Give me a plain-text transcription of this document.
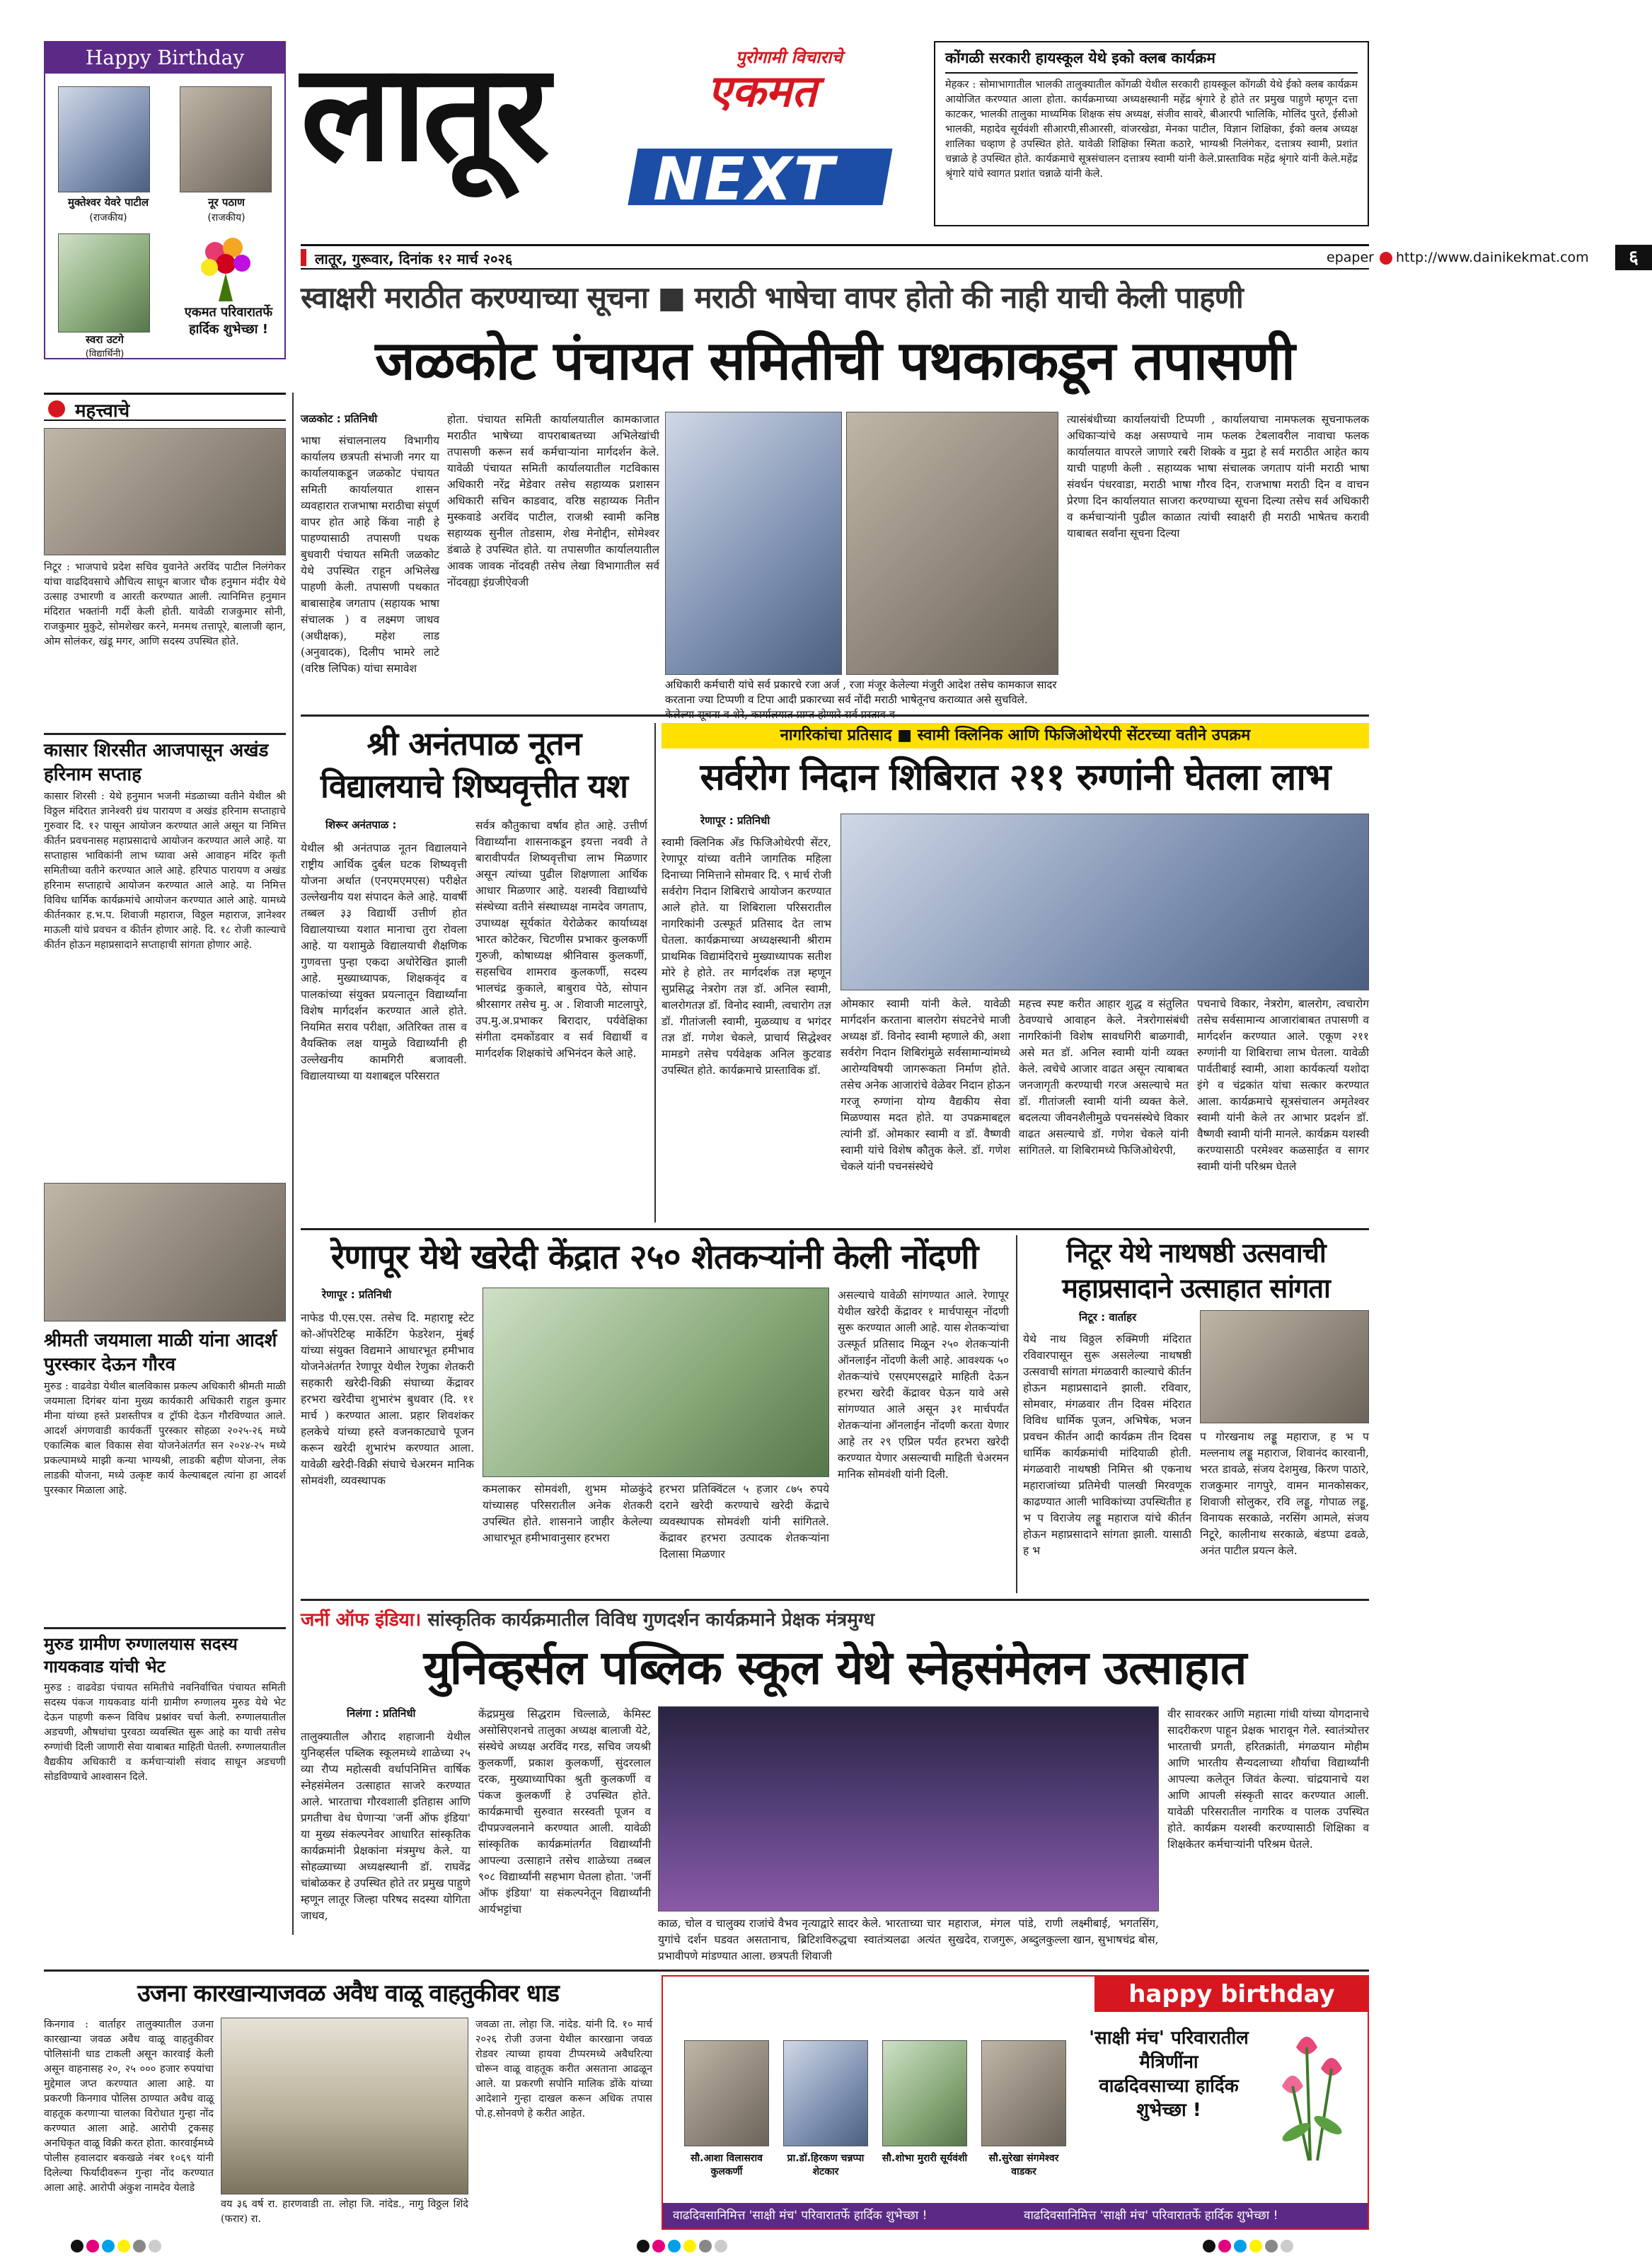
Happy Birthday
मुक्तेश्वर येवरे पाटील
(राजकीय)
नूर पठाण
(राजकीय)
स्वरा उटगे
(विद्यार्थिनी)
एकमत परिवारातर्फे हार्दिक शुभेच्छा !
लातूर	पुरोगामी विचाराचे
एकमत
NEXT
लातूर, गुरूवार, दिनांक १२ मार्च २०२६	epaper http://www.dainikekmat.com	६
कोंगळी सरकारी हायस्कूल येथे इको क्लब कार्यक्रम
मेहकर : सोमाभागातील भालकी तालुक्यातील कोंगळी येथील सरकारी हायस्कूल कोंगळी येथे ईको क्लब कार्यक्रम आयोजित करण्यात आला होता. कार्यक्रमाच्या अध्यक्षस्थानी महेंद्र श्रृंगारे हे होते तर प्रमुख पाहुणे म्हणून दत्ता काटकर, भालकी तालुका माध्यमिक शिक्षक संघ अध्यक्ष, संजीव सावरे, बीआरपी भालिकि, मोलिंद पुरते, ईसीओ भालकी, महादेव सूर्यवंशी सीआरपी,सीआरसी, वांजरखेडा, मेनका पाटील, विज्ञान शिक्षिका, ईको क्लब अध्यक्ष शालिका चव्हाण हे उपस्थित होते. यावेळी शिक्षिका स्मिता कठारे, भाग्यश्री निलंगेकर, दत्तात्रय स्वामी, प्रशांत चन्नाळे हे उपस्थित होते. कार्यक्रमाचे सूत्रसंचालन दत्तात्रय स्वामी यांनी केले.प्रास्ताविक महेंद्र श्रृंगारे यांनी केले.महेंद्र श्रृंगारे यांचे स्वागत प्रशांत चन्नाळे यांनी केले.
स्वाक्षरी मराठीत करण्याच्या सूचना ■ मराठी भाषेचा वापर होतो की नाही याची केली पाहणी
जळकोट पंचायत समितीची पथकाकडून तपासणी
महत्त्वाचे
निटूर : भाजपाचे प्रदेश सचिव युवानेते अरविंद पाटील निलंगेकर यांचा वाढदिवसाचे औचित्य साधून बाजार चौक हनुमान मंदीर येथे उत्साह उभारणी व आरती करण्यात आली. त्यानिमित्त हनुमान मंदिरात भक्तांनी गर्दी केली होती. यावेळी राजकुमार सोनी, राजकुमार मुकुटे, सोमशेखर करने, मनमथ तत्तापूरे, बालाजी व्हान, ओम सोलंकर, खंडू मगर, आणि सदस्य उपस्थित होते.
कासार शिरसीत आजपासून अखंड हरिनाम सप्ताह
कासार शिरसी : येथे हनुमान भजनी मंडळाच्या वतीने येथील श्री विठ्ठल मंदिरात ज्ञानेश्वरी ग्रंथ पारायण व अखंड हरिनाम सप्ताहाचे गुरुवार दि. १२ पासून आयोजन करण्यात आले असून या निमित्त कीर्तन प्रवचनासह महाप्रसादाचे आयोजन करण्यात आले आहे. या सप्ताहास भाविकांनी लाभ घ्यावा असे आवाहन मंदिर कृती समितीच्या वतीने करण्यात आले आहे. हरिपाठ पारायण व अखंड हरिनाम सप्ताहाचे आयोजन करण्यात आले आहे. या निमित्त विविध धार्मिक कार्यक्रमांचे आयोजन करण्यात आले आहे. यामध्ये कीर्तनकार ह.भ.प. शिवाजी महाराज, विठ्ठल महाराज, ज्ञानेश्वर माऊली यांचे प्रवचन व कीर्तन होणार आहे. दि. १८ रोजी काल्याचे कीर्तन होऊन महाप्रसादाने सप्ताहाची सांगता होणार आहे.
श्रीमती जयमाला माळी यांना आदर्श पुरस्कार देऊन गौरव
मुरुड : वाढवेडा येथील बालविकास प्रकल्प अधिकारी श्रीमती माळी जयमाला दिगंबर यांना मुख्य कार्यकारी अधिकारी राहुल कुमार मीना यांच्या हस्ते प्रशस्तीपत्र व ट्रॉफी देऊन गौरविण्यात आले. आदर्श अंगणवाडी कार्यकर्ती पुरस्कार सोहळा २०२५-२६ मध्ये एकात्मिक बाल विकास सेवा योजनेअंतर्गत सन २०२४-२५ मध्ये प्रकल्पामध्ये माझी कन्या भाग्यश्री, लाडकी बहीण योजना, लेक लाडकी योजना, मध्ये उत्कृष्ट कार्य केल्याबद्दल त्यांना हा आदर्श पुरस्कार मिळाला आहे.
मुरुड ग्रामीण रुग्णालयास सदस्य गायकवाड यांची भेट
मुरुड : वाढवेडा पंचायत समितीचे नवनिर्वाचित पंचायत समिती सदस्य पंकज गायकवाड यांनी ग्रामीण रुग्णालय मुरुड येथे भेट देऊन पाहणी करून विविध प्रश्नांवर चर्चा केली. रुग्णालयातील अडचणी, औषधांचा पुरवठा व्यवस्थित सुरू आहे का याची तसेच रुग्णांची दिली जाणारी सेवा याबाबत माहिती घेतली. रुग्णालयातील वैद्यकीय अधिकारी व कर्मचाऱ्यांशी संवाद साधून अडचणी सोडविण्याचे आश्वासन दिले.
जळकोट : प्रतिनिधी
भाषा संचालनालय विभागीय कार्यालय छत्रपती संभाजी नगर या कार्यालयाकडून जळकोट पंचायत समिती कार्यालयात शासन व्यवहारात राजभाषा मराठीचा संपूर्ण वापर होत आहे किंवा नाही हे पाहण्यासाठी तपासणी पथक बुधवारी पंचायत समिती जळकोट येथे उपस्थित राहून अभिलेख पाहणी केली. तपासणी पथकात बाबासाहेब जगताप (सहायक भाषा संचालक ) व लक्ष्मण जाधव (अधीक्षक), महेश लाड (अनुवादक), दिलीप भामरे लाटे (वरिष्ठ लिपिक) यांचा समावेश
होता. पंचायत समिती कार्यालयातील कामकाजात मराठीत भाषेच्या वापराबाबतच्या अभिलेखांची तपासणी करून सर्व कर्मचाऱ्यांना मार्गदर्शन केले. यावेळी पंचायत समिती कार्यालयातील गटविकास अधिकारी नरेंद्र मेडेवार तसेच सहाय्यक प्रशासन अधिकारी सचिन काडवाद, वरिष्ठ सहाय्यक नितीन मुस्कवाडे अरविंद पाटील, राजश्री स्वामी कनिष्ठ सहाय्यक सुनील तोडसाम, शेख मेनोद्दीन, सोमेश्वर डंबाळे हे उपस्थित होते. या तपासणीत कार्यालयातील आवक जावक नोंदवही तसेच लेखा विभागातील सर्व नोंदवह्या इंग्रजीऐवजी
अधिकारी कर्मचारी यांचे सर्व प्रकारचे रजा अर्ज , रजा मंजूर केलेल्या मंजुरी आदेश तसेच कामकाज सादर करताना ज्या टिप्पणी व टिपा आदी प्रकारच्या सर्व नोंदी मराठी भाषेतूनच कराव्यात असे सुचविले.
त्यासंबंधीच्या कार्यालयांची टिप्पणी , कार्यालयाचा नामफलक सूचनाफलक अधिकाऱ्यांचे कक्ष असण्याचे नाम फलक टेबलावरील नावाचा फलक कार्यालयात वापरले जाणारे रबरी शिक्के व मुद्रा हे सर्व मराठीत आहेत काय याची पाहणी केली . सहाय्यक भाषा संचालक जगताप यांनी मराठी भाषा संवर्धन पंधरवाडा, मराठी भाषा गौरव दिन, राजभाषा मराठी दिन व वाचन प्रेरणा दिन कार्यालयात साजरा करण्याच्या सूचना दिल्या तसेच सर्व अधिकारी व कर्मचाऱ्यांनी पुढील काळात त्यांची स्वाक्षरी ही मराठी भाषेतच करावी याबाबत सर्वांना सूचना दिल्या
श्री अनंतपाळ नूतन
विद्यालयाचे शिष्यवृत्तीत यश
शिरूर अनंतपाळ :
येथील श्री अनंतपाळ नूतन विद्यालयाने राष्ट्रीय आर्थिक दुर्बल घटक शिष्यवृत्ती योजना अर्थात (एनएमएमएस) परीक्षेत उल्लेखनीय यश संपादन केले आहे. यावर्षी तब्बल ३३ विद्यार्थी उत्तीर्ण होत विद्यालयाच्या यशात मानाचा तुरा रोवला आहे. या यशामुळे विद्यालयाची शैक्षणिक गुणवत्ता पुन्हा एकदा अधोरेखित झाली आहे. मुख्याध्यापक, शिक्षकवृंद व पालकांच्या संयुक्त प्रयत्नातून विद्यार्थ्यांना विशेष मार्गदर्शन करण्यात आले होते. नियमित सराव परीक्षा, अतिरिक्त तास व वैयक्तिक लक्ष यामुळे विद्यार्थ्यांनी ही उल्लेखनीय कामगिरी बजावली. विद्यालयाच्या या यशाबद्दल परिसरात
सर्वत्र कौतुकाचा वर्षाव होत आहे. उत्तीर्ण विद्यार्थ्यांना शासनाकडून इयत्ता नववी ते बारावीपर्यंत शिष्यवृत्तीचा लाभ मिळणार असून त्यांच्या पुढील शिक्षणाला आर्थिक आधार मिळणार आहे. यशस्वी विद्यार्थ्यांचे संस्थेच्या वतीने संस्थाध्यक्ष नामदेव जगताप, उपाध्यक्ष सूर्यकांत येरोळेकर कार्याध्यक्ष भारत कोटेकर, चिटणीस प्रभाकर कुलकर्णी गुरुजी, कोषाध्यक्ष श्रीनिवास कुलकर्णी, सहसचिव शामराव कुलकर्णी, सदस्य भालचंद्र कुकाले, बाबुराव पेठे, सोपान श्रीरसागर तसेच मु. अ . शिवाजी माटलापुरे, उप.मु.अ.प्रभाकर बिरादार, पर्यवेक्षिका संगीता दमकोंडवार व सर्व विद्यार्थी व मार्गदर्शक शिक्षकांचे अभिनंदन केले आहे.
नागरिकांचा प्रतिसाद ■ स्वामी क्लिनिक आणि फिजिओथेरपी सेंटरच्या वतीने उपक्रम
सर्वरोग निदान शिबिरात २११ रुग्णांनी घेतला लाभ
रेणापूर : प्रतिनिधी
स्वामी क्लिनिक अँड फिजिओथेरपी सेंटर, रेणापूर यांच्या वतीने जागतिक महिला दिनाच्या निमित्ताने सोमवार दि. ९ मार्च रोजी सर्वरोग निदान शिबिराचे आयोजन करण्यात आले होते. या शिबिराला परिसरातील नागरिकांनी उत्स्फूर्त प्रतिसाद देत लाभ घेतला. कार्यक्रमाच्या अध्यक्षस्थानी श्रीराम प्राथमिक विद्यामंदिराचे मुख्याध्यापक सतीश मोरे हे होते. तर मार्गदर्शक तज्ञ म्हणून सुप्रसिद्ध नेत्ररोग तज्ञ डॉ. अनिल स्वामी, बालरोगतज्ञ डॉ. विनोद स्वामी, त्वचारोग तज्ञ डॉ. गीतांजली स्वामी, मुळव्याध व भगंदर तज्ञ डॉ. गणेश चेकले, प्राचार्य सिद्धेश्वर मामडगे तसेच पर्यवेक्षक अनिल कुटवाड उपस्थित होते. कार्यक्रमाचे प्रास्ताविक डॉ.
ओमकार स्वामी यांनी केले. यावेळी मार्गदर्शन करताना बालरोग संघटनेचे माजी अध्यक्ष डॉ. विनोद स्वामी म्हणाले की, अशा सर्वरोग निदान शिबिरांमुळे सर्वसामान्यांमध्ये आरोग्यविषयी जागरूकता निर्माण होते. तसेच अनेक आजारांचे वेळेवर निदान होऊन गरजू रुग्णांना योग्य वैद्यकीय सेवा मिळण्यास मदत होते. या उपक्रमाबद्दल त्यांनी डॉ. ओमकार स्वामी व डॉ. वैष्णवी स्वामी यांचे विशेष कौतुक केले. डॉ. गणेश चेकले यांनी पचनसंस्थेचे
महत्त्व स्पष्ट करीत आहार शुद्ध व संतुलित ठेवण्याचे आवाहन केले. नेत्ररोगासंबंधी नागरिकांनी विशेष सावधगिरी बाळगावी, असे मत डॉ. अनिल स्वामी यांनी व्यक्त केले. त्वचेचे आजार वाढत असून त्याबाबत जनजागृती करण्याची गरज असल्याचे मत डॉ. गीतांजली स्वामी यांनी व्यक्त केले. बदलत्या जीवनशैलीमुळे पचनसंस्थेचे विकार वाढत असल्याचे डॉ. गणेश चेकले यांनी सांगितले. या शिबिरामध्ये फिजिओथेरपी,
पचनाचे विकार, नेत्ररोग, बालरोग, त्वचारोग तसेच सर्वसामान्य आजारांबाबत तपासणी व मार्गदर्शन करण्यात आले. एकूण २११ रुग्णांनी या शिबिराचा लाभ घेतला. यावेळी पार्वतीबाई स्वामी, आशा कार्यकर्त्या यशोदा इंगे व चंद्रकांत यांचा सत्कार करण्यात आला. कार्यक्रमाचे सूत्रसंचालन अमृतेश्वर स्वामी यांनी केले तर आभार प्रदर्शन डॉ. वैष्णवी स्वामी यांनी मानले. कार्यक्रम यशस्वी करण्यासाठी परमेश्वर कळसाईत व सागर स्वामी यांनी परिश्रम घेतले
रेणापूर येथे खरेदी केंद्रात २५० शेतकऱ्यांनी केली नोंदणी
रेणापूर : प्रतिनिधी
नाफेड पी.एस.एस. तसेच दि. महाराष्ट्र स्टेट को-ऑपरेटिव्ह मार्केटिंग फेडरेशन, मुंबई यांच्या संयुक्त विद्यमाने आधारभूत हमीभाव योजनेअंतर्गत रेणापूर येथील रेणुका शेतकरी सहकारी खरेदी-विक्री संघाच्या केंद्रावर हरभरा खरेदीचा शुभारंभ बुधवार (दि. ११ मार्च ) करण्यात आला. प्रहार शिवशंकर हलकेचे यांच्या हस्ते वजनकाट्याचे पूजन करून खरेदी शुभारंभ करण्यात आला. यावेळी खरेदी-विक्री संघाचे चेअरमन मानिक सोमवंशी, व्यवस्थापक
कमलाकर सोमवंशी, शुभम मोळकुंदे यांच्यासह परिसरातील अनेक शेतकरी उपस्थित होते. शासनाने जाहीर केलेल्या आधारभूत हमीभावानुसार हरभरा
हरभरा प्रतिक्विंटल ५ हजार ८७५ रुपये दराने खरेदी करण्याचे खरेदी केंद्राचे व्यवस्थापक सोमवंशी यांनी सांगितले. केंद्रावर हरभरा उत्पादक शेतकऱ्यांना दिलासा मिळणार
असल्याचे यावेळी सांगण्यात आले. रेणापूर येथील खरेदी केंद्रावर १ मार्चपासून नोंदणी सुरू करण्यात आली आहे. यास शेतकऱ्यांचा उत्स्फूर्त प्रतिसाद मिळून २५० शेतकऱ्यांनी ऑनलाईन नोंदणी केली आहे. आवश्यक ५० शेतकऱ्यांचे एसएमएसद्वारे माहिती देऊन हरभरा खरेदी केंद्रावर घेऊन यावे असे सांगण्यात आले असून ३१ मार्चपर्यंत शेतकऱ्यांना ऑनलाईन नोंदणी करता येणार आहे तर २९ एप्रिल पर्यंत हरभरा खरेदी करण्यात येणार असल्याची माहिती चेअरमन मानिक सोमवंशी यांनी दिली.
निटूर येथे नाथषष्ठी उत्सवाची
महाप्रसादाने उत्साहात सांगता
निटूर : वार्ताहर
येथे नाथ विठ्ठल रुक्मिणी मंदिरात रविवारपासून सुरू असलेल्या नाथषष्ठी उत्सवाची सांगता मंगळवारी काल्याचे कीर्तन होऊन महाप्रसादाने झाली. रविवार, सोमवार, मंगळवार तीन दिवस मंदिरात विविध धार्मिक पूजन, अभिषेक, भजन प्रवचन कीर्तन आदी कार्यक्रम तीन दिवस धार्मिक कार्यक्रमांची मांदियाळी होती. मंगळवारी नाथषष्ठी निमित्त श्री एकनाथ महाराजांच्या प्रतिमेची पालखी मिरवणूक काढण्यात आली भाविकांच्या उपस्थितीत ह भ प विराजेय लड्डू महाराज यांचे कीर्तन होऊन महाप्रसादाने सांगता झाली. यासाठी ह भ
प गोरखनाथ लड्डू महाराज, ह भ प मल्लनाथ लड्डू महाराज, शिवानंद कारवानी, भरत डावळे, संजय देशमुख, किरण पाठारे, राजकुमार नागपुरे, वामन मानकोसकर, शिवाजी सोलुकर, रवि लड्डू, गोपाळ लड्डू, विनायक सरकाळे, नरसिंग आमले, संजय निटूरे, कालीनाथ सरकाळे, बंडप्पा ढवळे, अनंत पाटील प्रयत्न केले.
जर्नी ऑफ इंडिया। सांस्कृतिक कार्यक्रमातील विविध गुणदर्शन कार्यक्रमाने प्रेक्षक मंत्रमुग्ध
युनिव्हर्सल पब्लिक स्कूल येथे स्नेहसंमेलन उत्साहात
निलंगा : प्रतिनिधी
तालुक्यातील औराद शहाजानी येथील युनिव्हर्सल पब्लिक स्कूलमध्ये शाळेच्या २५ व्या रौप्य महोत्सवी वर्धापनिमित्त वार्षिक स्नेहसंमेलन उत्साहात साजरे करण्यात आले. भारताचा गौरवशाली इतिहास आणि प्रगतीचा वेध घेणाऱ्या 'जर्नी ऑफ इंडिया' या मुख्य संकल्पनेवर आधारित सांस्कृतिक कार्यक्रमांनी प्रेक्षकांना मंत्रमुग्ध केले. या सोहळ्याच्या अध्यक्षस्थानी डॉ. राघवेंद्र चांबोळकर हे उपस्थित होते तर प्रमुख पाहुणे म्हणून लातूर जिल्हा परिषद सदस्या योगिता जाधव,
केंद्रप्रमुख सिद्धराम चिल्लाळे, केमिस्ट असोसिएशनचे तालुका अध्यक्ष बालाजी येटे, संस्थेचे अध्यक्ष अरविंद गरड, सचिव जयश्री कुलकर्णी, प्रकाश कुलकर्णी, सुंदरलाल दरक, मुख्याध्यापिका श्रुती कुलकर्णी व पंकज कुलकर्णी हे उपस्थित होते. कार्यक्रमाची सुरुवात सरस्वती पूजन व दीपप्रज्वलनाने करण्यात आली. यावेळी सांस्कृतिक कार्यक्रमांतर्गत विद्यार्थ्यांनी आपल्या उत्साहाने तसेच शाळेच्या तब्बल ९०८ विद्यार्थ्यांनी सहभाग घेतला होता. 'जर्नी ऑफ इंडिया' या संकल्पनेतून विद्यार्थ्यांनी आर्यभट्टांचा
काळ, चोल व चालुक्य राजांचे वैभव नृत्याद्वारे सादर केले. भारताच्या चार युगांचे दर्शन घडवत असतानाच, ब्रिटिशविरुद्धचा स्वातंत्र्यलढा अत्यंत प्रभावीपणे मांडण्यात आला. छत्रपती शिवाजी
महाराज, मंगल पांडे, राणी लक्ष्मीबाई, भगतसिंग, सुखदेव, राजगुरू, अब्दुलकुल्ला खान, सुभाषचंद्र बोस,
वीर सावरकर आणि महात्मा गांधी यांच्या योगदानाचे सादरीकरण पाहून प्रेक्षक भारावून गेले. स्वातंत्र्योत्तर भारताची प्रगती, हरितक्रांती, मंगळयान मोहीम आणि भारतीय सैन्यदलाच्या शौर्याचा विद्यार्थ्यांनी आपल्या कलेतून जिवंत केल्या. चांद्रयानाचे यश आणि आपली संस्कृती सादर करण्यात आली. यावेळी परिसरातील नागरिक व पालक उपस्थित होते. कार्यक्रम यशस्वी करण्यासाठी शिक्षिका व शिक्षकेतर कर्मचाऱ्यांनी परिश्रम घेतले.
उजना कारखान्याजवळ अवैध वाळू वाहतुकीवर धाड
किनगाव : वार्ताहर तालुक्यातील उजना कारखान्या जवळ अवैध वाळू वाहतुकीवर पोलिसांनी धाड टाकली असून कारवाई केली असून वाहनासह २०, २५ ००० हजार रुपयांचा मुद्देमाल जप्त करण्यात आला आहे. या प्रकरणी किनगाव पोलिस ठाण्यात अवैध वाळू वाहतूक करणाऱ्या चालका विरोधात गुन्हा नोंद करण्यात आला आहे. आरोपी ट्रकसह अनधिकृत वाळू विक्री करत होता. कारवाईमध्ये पोलीस हवालदार बकखळे नंबर १०६९ यांनी दिलेल्या फिर्यादीवरून गुन्हा नोंद करण्यात आला आहे. आरोपी अंकुश नामदेव येलाडे
वय ३६ वर्ष रा. हारणवाडी ता. लोहा जि. नांदेड., नागु विठ्ठल शिंदे (फरार) रा.
जवळा ता. लोहा जि. नांदेड. यांनी दि. १० मार्च २०२६ रोजी उजना येथील कारखाना जवळ रोडवर त्याच्या हायवा टीप्परमध्ये अवैधरित्या चोरून वाळू वाहतूक करीत असताना आढळून आले. या प्रकरणी सपोनि मालिक डोंके यांच्या आदेशाने गुन्हा दाखल करून अधिक तपास पो.ह.सोनवणे हे करीत आहेत.
happy birthday
सौ.आशा विलासराव कुलकर्णी
प्रा.डॉ.हिरकण चन्नप्पा शेटकार
सौ.शोभा मुरारी सूर्यवंशी	सौ.सुरेखा संगमेश्वर वाडकर
'साक्षी मंच' परिवारातील
मैत्रिणींना
वाढदिवसाच्या हार्दिक
शुभेच्छा !
वाढदिवसानिमित्त 'साक्षी मंच' परिवारातर्फे हार्दिक शुभेच्छा !	वाढदिवसानिमित्त 'साक्षी मंच' परिवारातर्फे हार्दिक शुभेच्छा !
